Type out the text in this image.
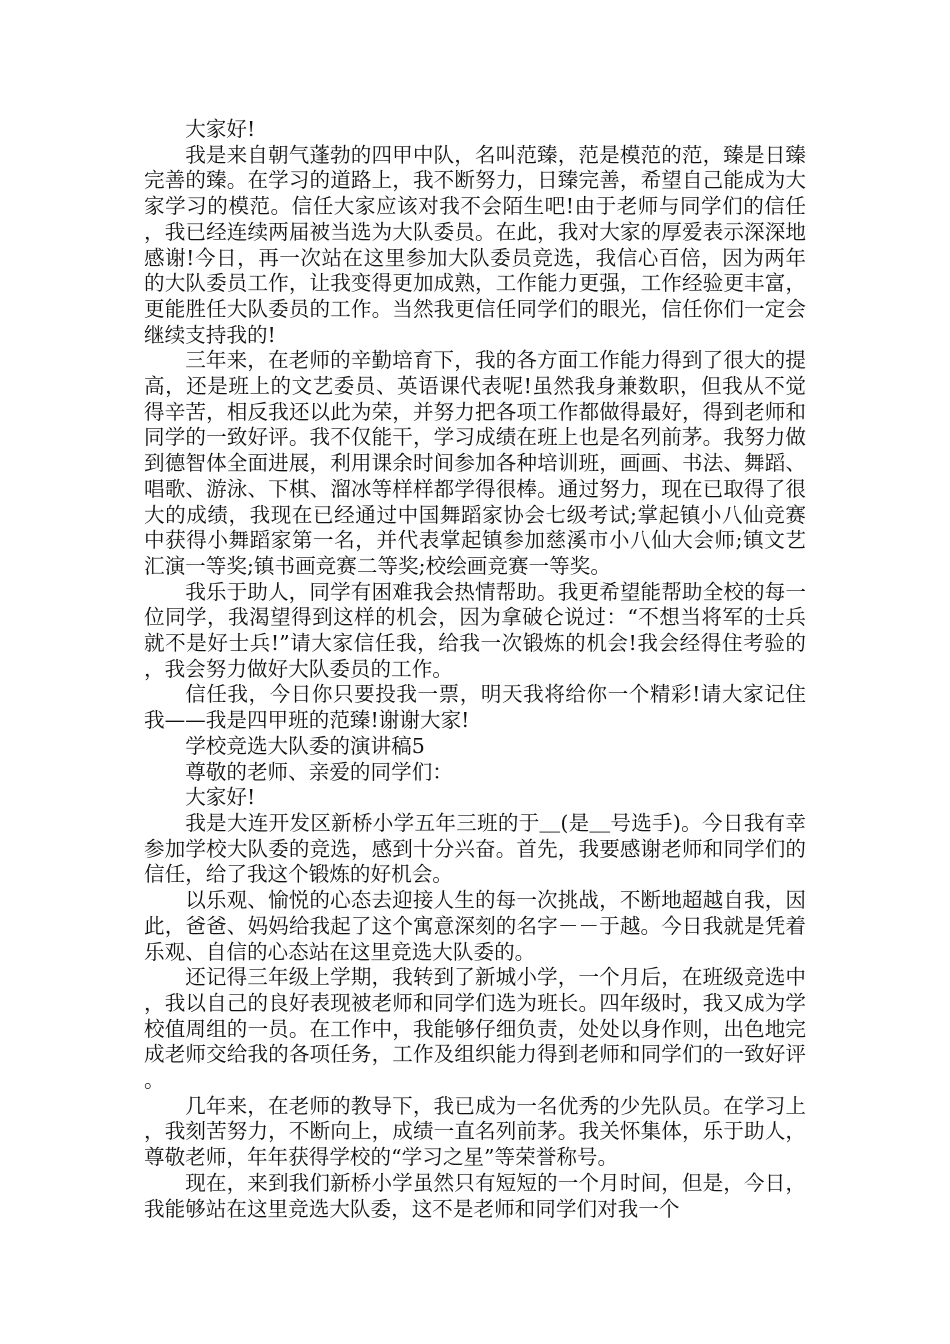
大家好!

我是来自朝气蓬勃的四甲中队，名叫范臻，范是模范的范，臻是日臻完善的臻。在学习的道路上，我不断努力，日臻完善，希望自己能成为大家学习的模范。信任大家应该对我不会陌生吧!由于老师与同学们的信任，我已经连续两届被当选为大队委员。在此，我对大家的厚爱表示深深地感谢!今日，再一次站在这里参加大队委员竞选，我信心百倍，因为两年的大队委员工作，让我变得更加成熟，工作能力更强，工作经验更丰富，更能胜任大队委员的工作。当然我更信任同学们的眼光，信任你们一定会继续支持我的!

三年来，在老师的辛勤培育下，我的各方面工作能力得到了很大的提高，还是班上的文艺委员、英语课代表呢!虽然我身兼数职，但我从不觉得辛苦，相反我还以此为荣，并努力把各项工作都做得最好，得到老师和同学的一致好评。我不仅能干，学习成绩在班上也是名列前茅。我努力做到德智体全面进展，利用课余时间参加各种培训班，画画、书法、舞蹈、唱歌、游泳、下棋、溜冰等样样都学得很棒。通过努力，现在已取得了很大的成绩，我现在已经通过中国舞蹈家协会七级考试;掌起镇小八仙竞赛中获得小舞蹈家第一名，并代表掌起镇参加慈溪市小八仙大会师;镇文艺汇演一等奖;镇书画竞赛二等奖;校绘画竞赛一等奖。

我乐于助人，同学有困难我会热情帮助。我更希望能帮助全校的每一位同学，我渴望得到这样的机会，因为拿破仑说过：“不想当将军的士兵就不是好士兵!”请大家信任我，给我一次锻炼的机会!我会经得住考验的，我会努力做好大队委员的工作。

信任我，今日你只要投我一票，明天我将给你一个精彩!请大家记住我——我是四甲班的范臻!谢谢大家!

学校竞选大队委的演讲稿5

尊敬的老师、亲爱的同学们：

大家好!

我是大连开发区新桥小学五年三班的于＿(是＿号选手)。今日我有幸参加学校大队委的竞选，感到十分兴奋。首先，我要感谢老师和同学们的信任，给了我这个锻炼的好机会。

以乐观、愉悦的心态去迎接人生的每一次挑战，不断地超越自我，因此，爸爸、妈妈给我起了这个寓意深刻的名字－－于越。今日我就是凭着乐观、自信的心态站在这里竞选大队委的。

还记得三年级上学期，我转到了新城小学，一个月后，在班级竞选中，我以自己的良好表现被老师和同学们选为班长。四年级时，我又成为学校值周组的一员。在工作中，我能够仔细负责，处处以身作则，出色地完成老师交给我的各项任务，工作及组织能力得到老师和同学们的一致好评。

几年来，在老师的教导下，我已成为一名优秀的少先队员。在学习上，我刻苦努力，不断向上，成绩一直名列前茅。我关怀集体，乐于助人，尊敬老师，年年获得学校的“学习之星”等荣誉称号。

现在，来到我们新桥小学虽然只有短短的一个月时间，但是，今日，我能够站在这里竞选大队委，这不是老师和同学们对我一个
